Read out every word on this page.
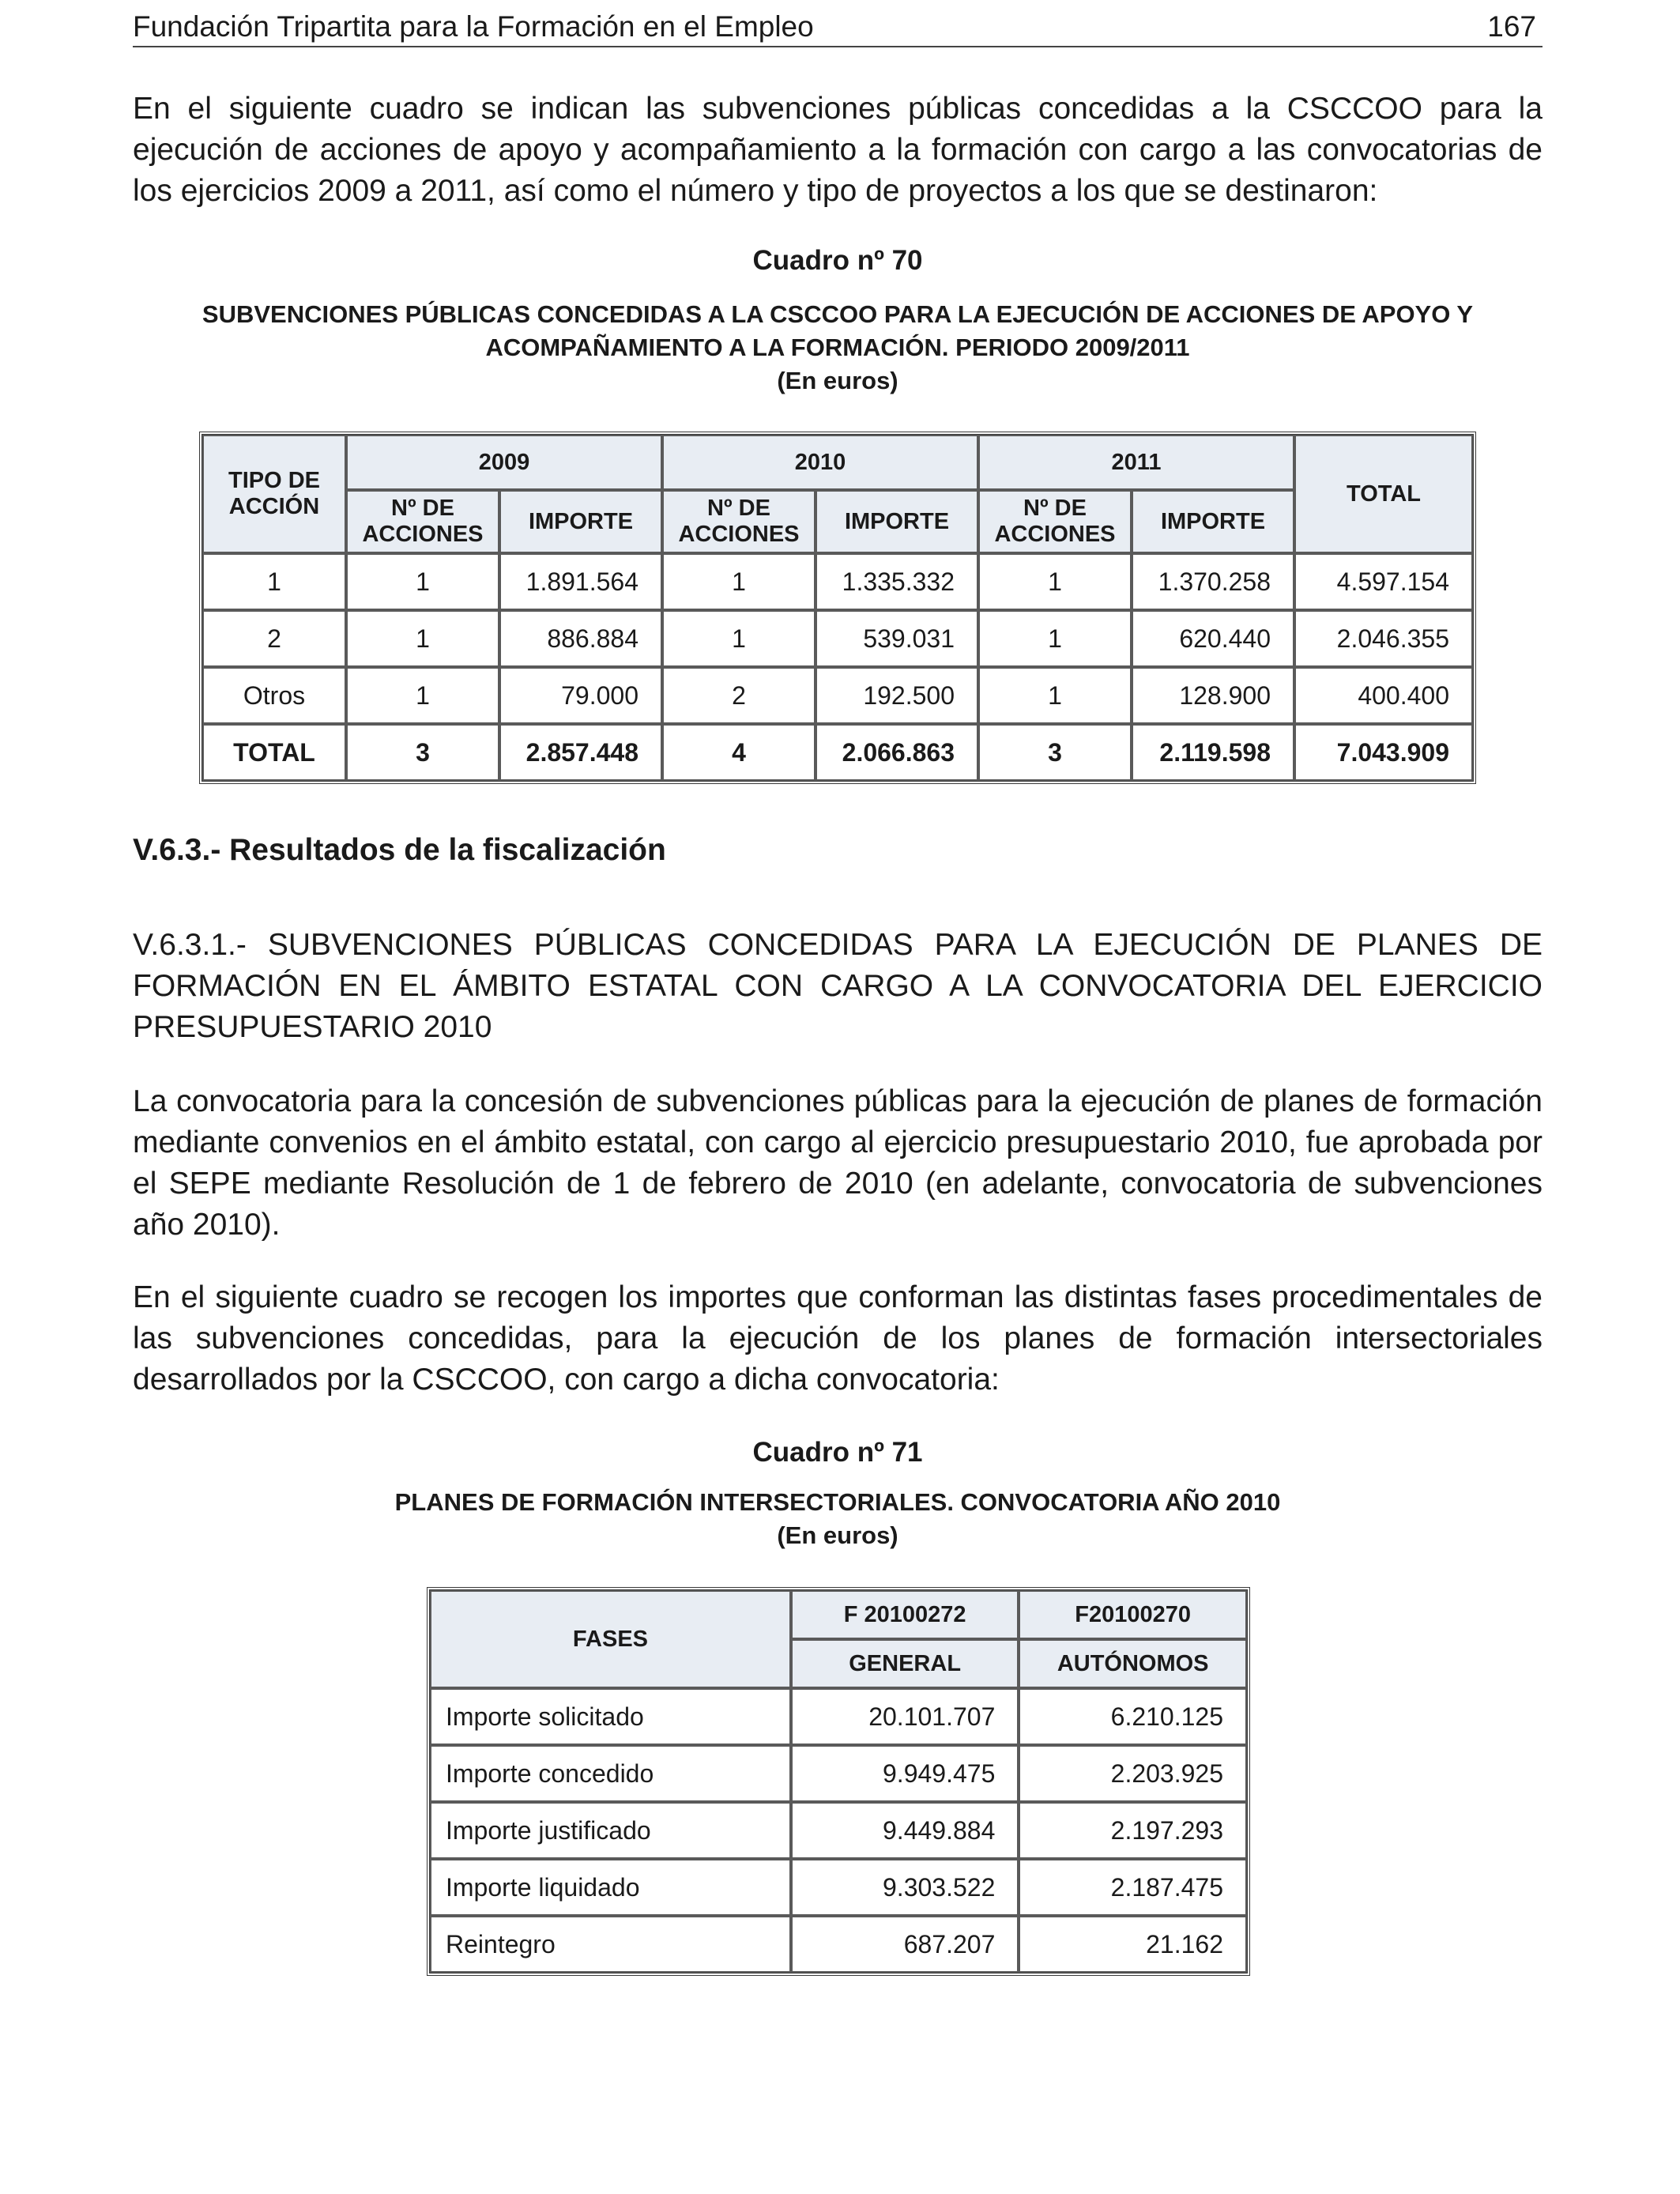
Fundación Tripartita para la Formación en el Empleo	167

En el siguiente cuadro se indican las subvenciones públicas concedidas a la CSCCOO para la ejecución de acciones de apoyo y acompañamiento a la formación con cargo a las convocatorias de los ejercicios 2009 a 2011, así como el número y tipo de proyectos a los que se destinaron:

Cuadro nº 70

SUBVENCIONES PÚBLICAS CONCEDIDAS A LA CSCCOO PARA LA EJECUCIÓN DE ACCIONES DE APOYO Y

ACOMPAÑAMIENTO A LA FORMACIÓN. PERIODO 2009/2011

(En euros)

TIPO DE ACCIÓN	2009		2010		2011		TOTAL
	Nº DE ACCIONES	IMPORTE	Nº DE ACCIONES	IMPORTE	Nº DE ACCIONES	IMPORTE	
1	1	1.891.564	1	1.335.332	1	1.370.258	4.597.154
2	1	886.884	1	539.031	1	620.440	2.046.355
Otros	1	79.000	2	192.500	1	128.900	400.400
TOTAL	3	2.857.448	4	2.066.863	3	2.119.598	7.043.909

V.6.3.- Resultados de la fiscalización

V.6.3.1.- SUBVENCIONES PÚBLICAS CONCEDIDAS PARA LA EJECUCIÓN DE PLANES DE FORMACIÓN EN EL ÁMBITO ESTATAL CON CARGO A LA CONVOCATORIA DEL EJERCICIO PRESUPUESTARIO 2010

La convocatoria para la concesión de subvenciones públicas para la ejecución de planes de formación mediante convenios en el ámbito estatal, con cargo al ejercicio presupuestario 2010, fue aprobada por el SEPE mediante Resolución de 1 de febrero de 2010 (en adelante, convocatoria de subvenciones año 2010).

En el siguiente cuadro se recogen los importes que conforman las distintas fases procedimentales de las subvenciones concedidas, para la ejecución de los planes de formación intersectoriales desarrollados por la CSCCOO, con cargo a dicha convocatoria:

Cuadro nº 71

PLANES DE FORMACIÓN INTERSECTORIALES. CONVOCATORIA AÑO 2010

(En euros)

FASES	F 20100272	F20100270
	GENERAL	AUTÓNOMOS
Importe solicitado	20.101.707	6.210.125
Importe concedido	9.949.475	2.203.925
Importe justificado	9.449.884	2.197.293
Importe liquidado	9.303.522	2.187.475
Reintegro	687.207	21.162
